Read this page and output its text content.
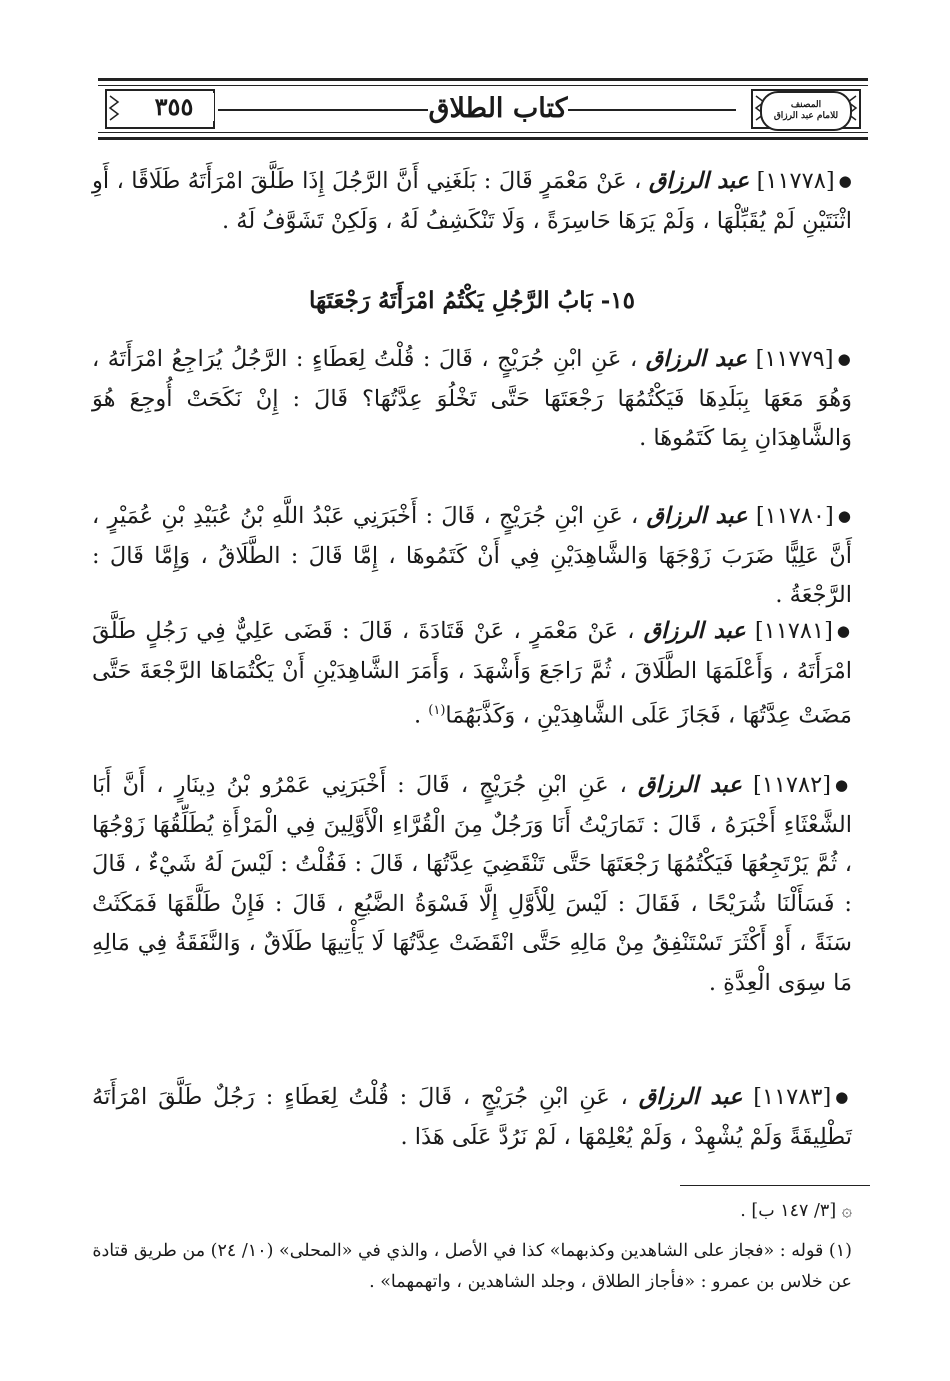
٣٥٥	كتاب الطلاق	المصنف
للامام عبد الرزاق
●[١١٧٧٨] عبد الرزاق ، عَنْ مَعْمَرٍ قَالَ : بَلَغَنِي أَنَّ الرَّجُلَ إِذَا طَلَّقَ امْرَأَتَهُ طَلَاقًا ، أَوِ اثْنَتَيْنِ لَمْ يُقَبِّلْهَا ، وَلَمْ يَرَهَا حَاسِرَةً ، وَلَا تَنْكَشِفُ لَهُ ، وَلَكِنْ تَشَوَّفُ لَهُ .
١٥- بَابُ الرَّجُلِ يَكْتُمُ امْرَأَتَهُ رَجْعَتَهَا
●[١١٧٧٩] عبد الرزاق ، عَنِ ابْنِ جُرَيْجٍ ، قَالَ : قُلْتُ لِعَطَاءٍ : الرَّجُلُ يُرَاجِعُ امْرَأَتَهُ ، وَهُوَ مَعَهَا بِبَلَدِهَا فَيَكْتُمُهَا رَجْعَتَهَا حَتَّى تَخْلُوَ عِدَّتُهَا؟ قَالَ : إِنْ نَكَحَتْ أُوجِعَ هُوَ وَالشَّاهِدَانِ بِمَا كَتَمُوهَا .
●[١١٧٨٠] عبد الرزاق ، عَنِ ابْنِ جُرَيْجٍ ، قَالَ : أَخْبَرَنِي عَبْدُ اللَّهِ بْنُ عُبَيْدِ بْنِ عُمَيْرٍ ، أَنَّ عَلِيًّا ضَرَبَ زَوْجَهَا وَالشَّاهِدَيْنِ فِي أَنْ كَتَمُوهَا ، إِمَّا قَالَ : الطَّلَاقُ ، وَإِمَّا قَالَ : الرَّجْعَةُ .
●[١١٧٨١] عبد الرزاق ، عَنْ مَعْمَرٍ ، عَنْ قَتَادَةَ ، قَالَ : قَضَى عَلِيٌّ فِي رَجُلٍ طَلَّقَ امْرَأَتَهُ ، وَأَعْلَمَهَا الطَّلَاقَ ، ثُمَّ رَاجَعَ وَأَشْهَدَ ، وَأَمَرَ الشَّاهِدَيْنِ أَنْ يَكْتُمَاهَا الرَّجْعَةَ حَتَّى مَضَتْ عِدَّتُهَا ، فَجَازَ عَلَى الشَّاهِدَيْنِ ، وَكَذَّبَهُمَا$^{(١)}$ .
●[١١٧٨٢] عبد الرزاق ، عَنِ ابْنِ جُرَيْجٍ ، قَالَ : أَخْبَرَنِي عَمْرُو بْنُ دِينَارٍ ، أَنَّ أَبَا الشَّعْثَاءِ أَخْبَرَهُ ، قَالَ : تَمَارَيْتُ أَنَا وَرَجُلٌ مِنَ الْقُرَّاءِ الْأَوَّلِينَ فِي الْمَرْأَةِ يُطَلِّقُهَا زَوْجُهَا ، ثُمَّ يَرْتَجِعُهَا فَيَكْتُمُهَا رَجْعَتَهَا حَتَّى تَنْقَضِيَ عِدَّتُهَا ، قَالَ : فَقُلْتُ : لَيْسَ لَهُ شَيْءٌ ، قَالَ : فَسَأَلْنَا شُرَيْحًا ، فَقَالَ : لَيْسَ لِلْأَوَّلِ إِلَّا فَسْوَةُ الضَّبُعِ ، قَالَ : فَإِنْ طَلَّقَهَا فَمَكَثَتْ سَنَةً ، أَوْ أَكْثَرَ تَسْتَنْفِقُ مِنْ مَالِهِ حَتَّى انْقَضَتْ عِدَّتُهَا لَا يَأْتِيهَا طَلَاقٌ ، وَالنَّفَقَةُ فِي مَالِهِ مَا سِوَى الْعِدَّةِ .
●[١١٧٨٣] عبد الرزاق ، عَنِ ابْنِ جُرَيْجٍ ، قَالَ : قُلْتُ لِعَطَاءٍ : رَجُلٌ طَلَّقَ امْرَأَتَهُ تَطْلِيقَةً وَلَمْ يُشْهِدْ ، وَلَمْ يُعْلِمْهَا ، لَمْ نَرُدَّ عَلَى هَذَا .
۞ [٣/ ١٤٧ ب] .
(١) قوله : «فجاز على الشاهدين وكذبهما» كذا في الأصل ، والذي في «المحلى» (١٠/ ٢٤) من طريق قتادة عن خلاس بن عمرو : «فأجاز الطلاق ، وجلد الشاهدين ، واتهمهما» .
